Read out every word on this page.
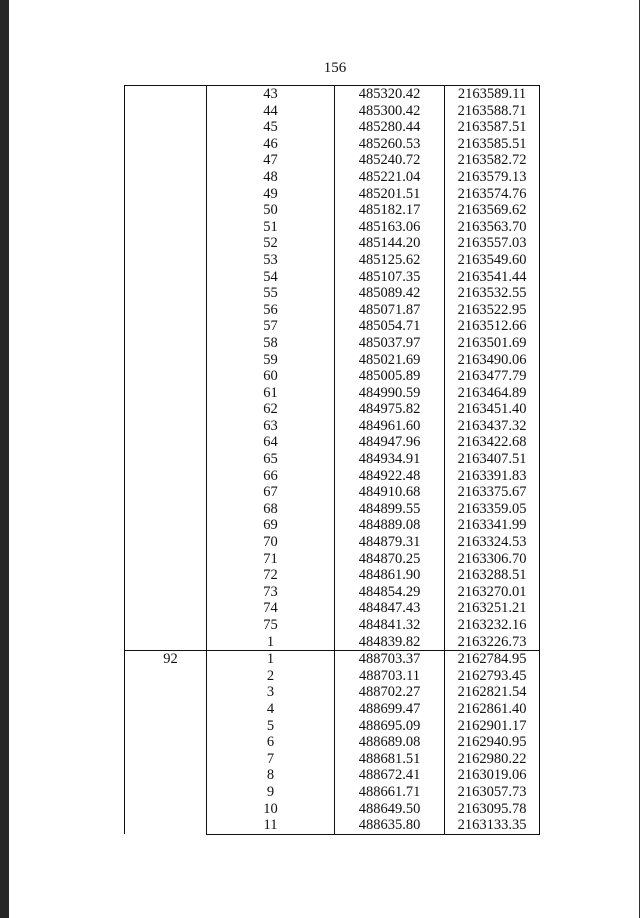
156
	43	485320.42	2163589.11
	44	485300.42	2163588.71
	45	485280.44	2163587.51
	46	485260.53	2163585.51
	47	485240.72	2163582.72
	48	485221.04	2163579.13
	49	485201.51	2163574.76
	50	485182.17	2163569.62
	51	485163.06	2163563.70
	52	485144.20	2163557.03
	53	485125.62	2163549.60
	54	485107.35	2163541.44
	55	485089.42	2163532.55
	56	485071.87	2163522.95
	57	485054.71	2163512.66
	58	485037.97	2163501.69
	59	485021.69	2163490.06
	60	485005.89	2163477.79
	61	484990.59	2163464.89
	62	484975.82	2163451.40
	63	484961.60	2163437.32
	64	484947.96	2163422.68
	65	484934.91	2163407.51
	66	484922.48	2163391.83
	67	484910.68	2163375.67
	68	484899.55	2163359.05
	69	484889.08	2163341.99
	70	484879.31	2163324.53
	71	484870.25	2163306.70
	72	484861.90	2163288.51
	73	484854.29	2163270.01
	74	484847.43	2163251.21
	75	484841.32	2163232.16
	1	484839.82	2163226.73
92	1	488703.37	2162784.95
	2	488703.11	2162793.45
	3	488702.27	2162821.54
	4	488699.47	2162861.40
	5	488695.09	2162901.17
	6	488689.08	2162940.95
	7	488681.51	2162980.22
	8	488672.41	2163019.06
	9	488661.71	2163057.73
	10	488649.50	2163095.78
	11	488635.80	2163133.35
